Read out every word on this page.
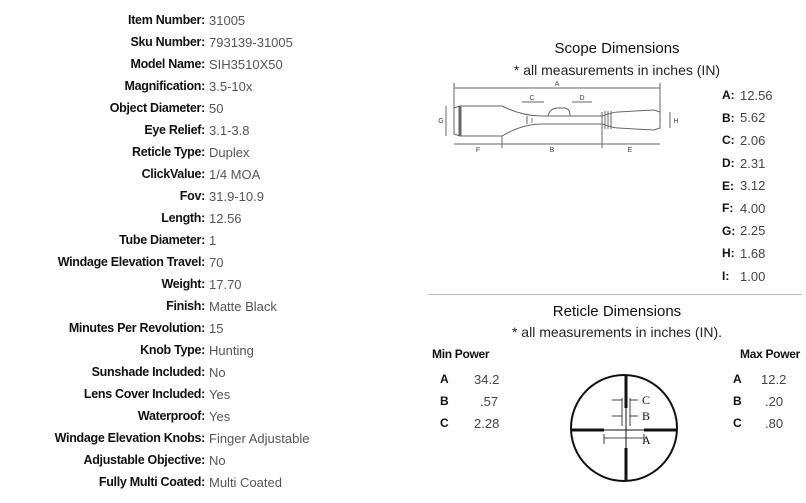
Item Number : 31005
Sku Number : 793139-31005
Model Name : SIH3510X50
Magnification : 3.5-10x
Object Diameter : 50
Eye Relief : 3.1-3.8
Reticle Type : Duplex
ClickValue : 1/4 MOA
Fov : 31.9-10.9
Length : 12.56
Tube Diameter : 1
Windage Elevation Travel : 70
Weight : 17.70
Finish : Matte Black
Minutes Per Revolution : 15
Knob Type : Hunting
Sunshade Included : No
Lens Cover Included : Yes
Waterproof : Yes
Windage Elevation Knobs : Finger Adjustable
Adjustable Objective : No
Fully Multi Coated : Multi Coated
Scope Dimensions
* all measurements in inches (IN)
A
C	D
G	H
I
F	B	E
A : 12.56
B : 5.62
C : 2.06
D : 2.31
E : 3.12
F : 4.00
G : 2.25
H : 1.68
I :	1.00
Reticle Dimensions
* all measurements in inches (IN).
Min Power
A	34.2
B	.57
C	2.28
C
B
A
Max Power
A	12.2
B	.20
C	.80
